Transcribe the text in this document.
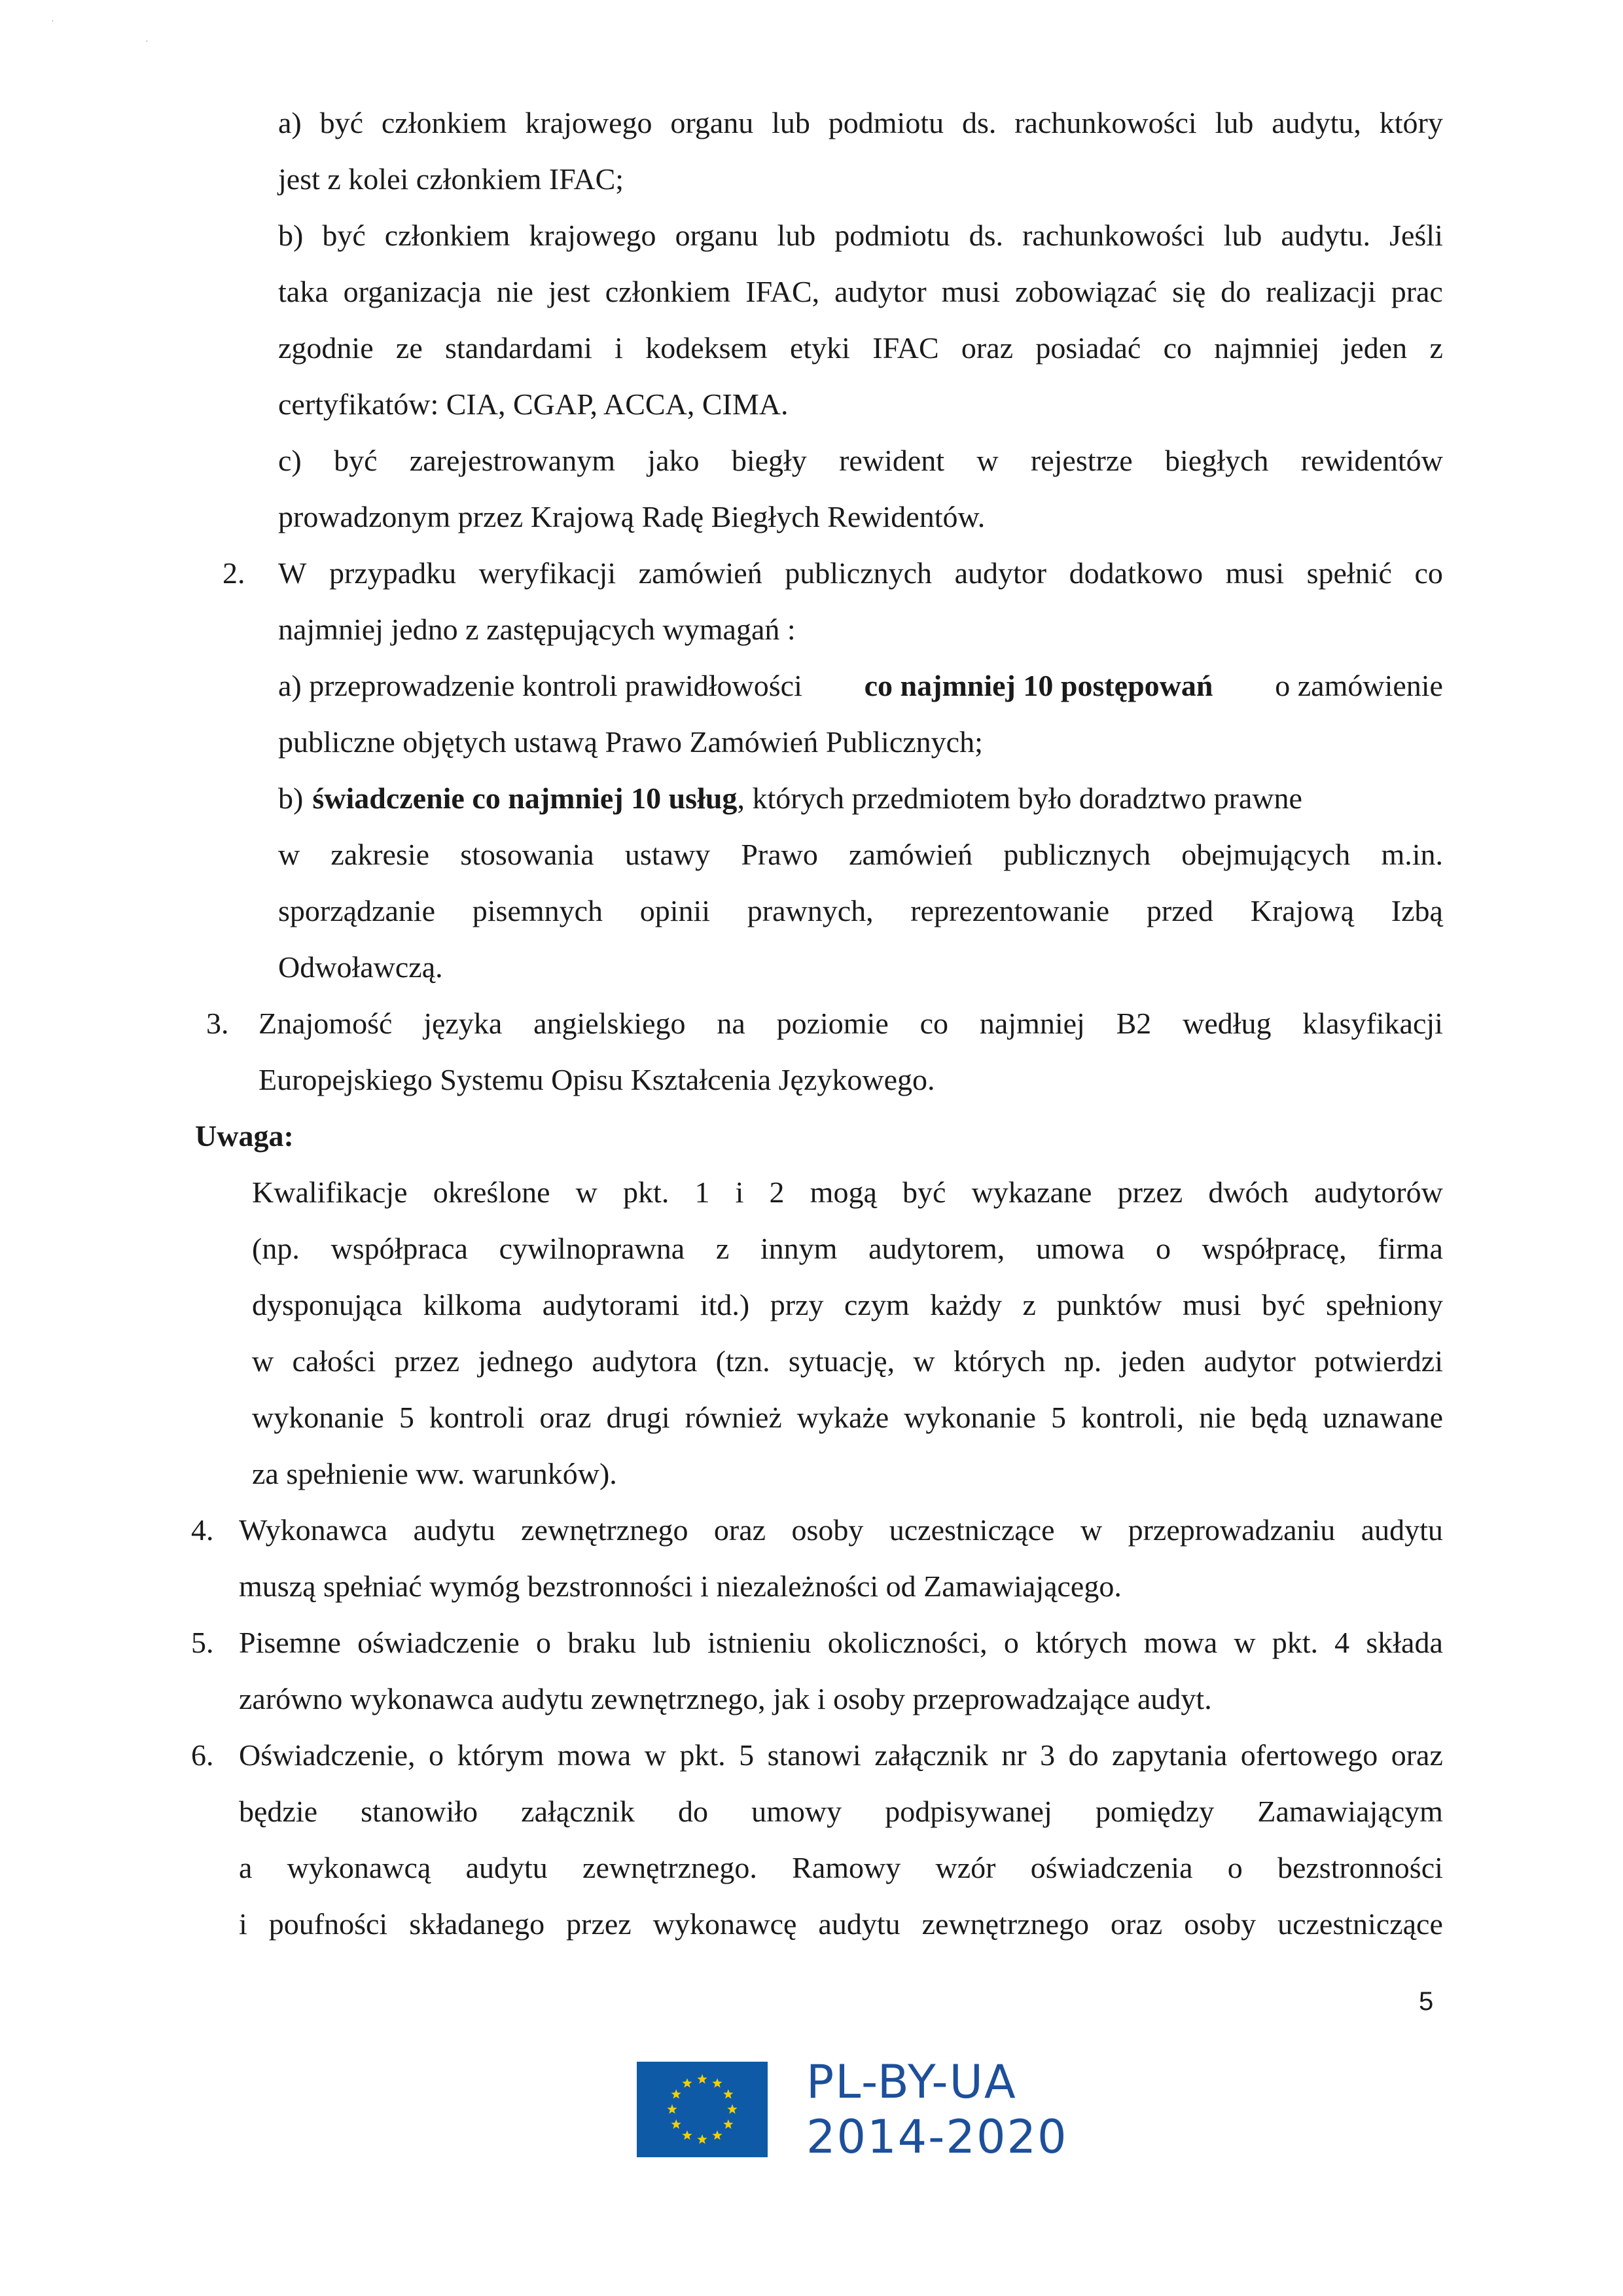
ˈ
ˌ
a) być członkiem krajowego organu lub podmiotu ds. rachunkowości lub audytu, który
jest z kolei członkiem IFAC;
b) być członkiem krajowego organu lub podmiotu ds. rachunkowości lub audytu. Jeśli
taka organizacja nie jest członkiem IFAC, audytor musi zobowiązać się do realizacji prac
zgodnie ze standardami i kodeksem etyki IFAC oraz posiadać co najmniej jeden z
certyfikatów: CIA, CGAP, ACCA, CIMA.
c) być zarejestrowanym jako biegły rewident w rejestrze biegłych rewidentów
prowadzonym przez Krajową Radę Biegłych Rewidentów.
2. W przypadku weryfikacji zamówień publicznych audytor dodatkowo musi spełnić co
najmniej jedno z zastępujących wymagań :
a) przeprowadzenie kontroli prawidłowości co najmniej 10 postępowań o zamówienie
publiczne objętych ustawą Prawo Zamówień Publicznych;
b) świadczenie co najmniej 10 usług , których przedmiotem było doradztwo prawne
w zakresie stosowania ustawy Prawo zamówień publicznych obejmujących m.in.
sporządzanie pisemnych opinii prawnych, reprezentowanie przed Krajową Izbą
Odwoławczą.
3. Znajomość języka angielskiego na poziomie co najmniej B2 według klasyfikacji
Europejskiego Systemu Opisu Kształcenia Językowego.
Uwaga:
Kwalifikacje określone w pkt. 1 i 2 mogą być wykazane przez dwóch audytorów
(np. współpraca cywilnoprawna z innym audytorem, umowa o współpracę, firma
dysponująca kilkoma audytorami itd.) przy czym każdy z punktów musi być spełniony
w całości przez jednego audytora (tzn. sytuację, w których np. jeden audytor potwierdzi
wykonanie 5 kontroli oraz drugi również wykaże wykonanie 5 kontroli, nie będą uznawane
za spełnienie ww. warunków).
4. Wykonawca audytu zewnętrznego oraz osoby uczestniczące w przeprowadzaniu audytu
muszą spełniać wymóg bezstronności i niezależności od Zamawiającego.
5. Pisemne oświadczenie o braku lub istnieniu okoliczności, o których mowa w pkt. 4 składa
zarówno wykonawca audytu zewnętrznego, jak i osoby przeprowadzające audyt.
6. Oświadczenie, o którym mowa w pkt. 5 stanowi załącznik nr 3 do zapytania ofertowego oraz
będzie stanowiło załącznik do umowy podpisywanej pomiędzy Zamawiającym
a wykonawcą audytu zewnętrznego. Ramowy wzór oświadczenia o bezstronności
i poufności składanego przez wykonawcę audytu zewnętrznego oraz osoby uczestniczące
5
PL-BY-UA
2014-2020
